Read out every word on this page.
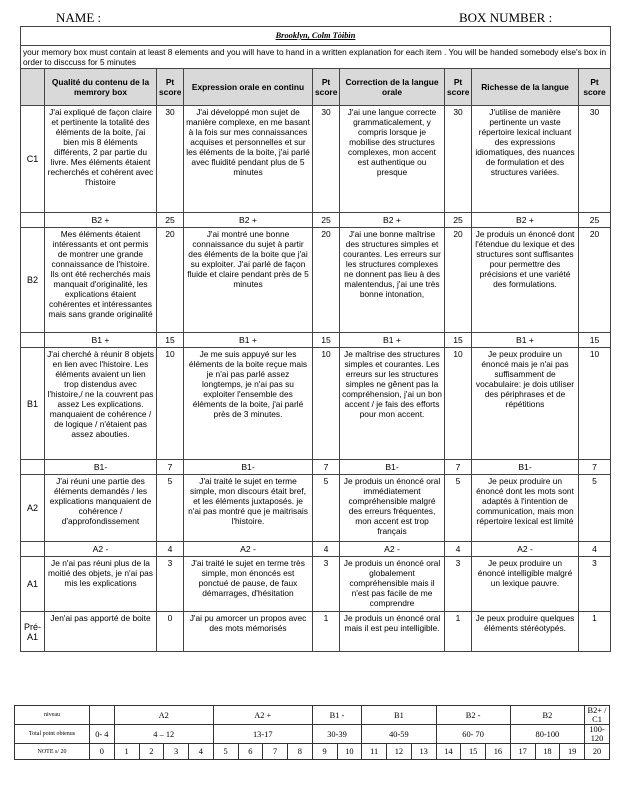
NAME :	BOX NUMBER :
Brooklyn, Colm Tòibìn								
your memory box must contain at least 8 elements and you will have to hand in a written explanation for each item . You will be handed somebody else's box in order to disccuss for 5 minutes								
	Qualité du contenu de la memrory box	Pt score	Expression orale en continu	Pt score	Correction de la langue orale	Pt score	Richesse de la langue	Pt score
C1	J'ai expliqué de façon claire et pertinente la totalité des éléments de la boite, j'ai bien mis 8 éléments différents, 2 par partie du livre. Mes éléments étaient recherchés et cohérent avec l'histoire	30	J'ai développé mon sujet de manière complexe, en me basant à la fois sur mes connaissances acquises et personnelles et sur les éléments de la boite, j'ai parlé avec fluidité pendant plus de 5 minutes	30	J'ai une langue correcte grammaticalement, y compris lorsque je mobilise des structures complexes, mon accent est authentique ou presque	30	J'utilise de manière pertinente un vaste répertoire lexical incluant des expressions idiomatiques, des nuances de formulation et des structures variées.	30
	B2 +	25	B2 +	25	B2 +	25	B2 +	25
B2	Mes éléments étaient intéressants et ont permis de montrer une grande connaissance de l'histoire. Ils ont été recherchés mais manquait d'originalité, les explications étaient cohérentes et intéressantes mais sans grande originalité	20	J'ai montré une bonne connaissance du sujet à partir des éléments de la boite que j'ai su exploiter. J'ai parlé de façon fluide et claire pendant près de 5 minutes	20	J'ai une bonne maîtrise des structures simples et courantes. Les erreurs sur les structures complexes ne donnent pas lieu à des malentendus, j'ai une très bonne intonation,	20	Je produis un énoncé dont l'étendue du lexique et des structures sont suffisantes pour permettre des précisions et une variété des formulations.	20
	B1 +	15	B1 +	15	B1 +	15	B1 +	15
B1	J'ai cherché à réunir 8 objets en lien avec l'histoire. Les éléments avaient un lien trop distendus avec l'histoire,/ ne la couvrent pas assez Les explications. manquaient de cohérence / de logique / n'étaient pas assez abouties.	10	Je me suis appuyé sur les éléments de la boite reçue mais je n'ai pas parlé assez longtemps, je n'ai pas su exploiter l'ensemble des éléments de la boite, j'ai parlé près de 3 minutes.	10	Je maîtrise des structures simples et courantes. Les erreurs sur les structures simples ne gênent pas la compréhension, j'ai un bon accent / je fais des efforts pour mon accent.	10	Je peux produire un énoncé mais je n'ai pas suffisamment de vocabulaire: je dois utiliser des périphrases et de répétitions	10
	B1-	7	B1-	7	B1-	7	B1-	7
A2	J'ai réuni une partie des éléments demandés / les explications manquaient de cohérence / d'approfondissement	5	J'ai traité le sujet en terme simple, mon discours était bref, et les éléments juxtaposés. je n'ai pas montré que je maitrisais l'histoire.	5	Je produis un énoncé oral immédiatement compréhensible malgré des erreurs fréquentes, mon accent est trop français	5	Je peux produire un énoncé dont les mots sont adaptés à l'intention de communication, mais mon répertoire lexical est limité	5
	A2 -	4	A2 -	4	A2 -	4	A2 -	4
A1	Je n'ai pas réuni plus de la moitié des objets, je n'ai pas mis les explications	3	J'ai traité le sujet en terme très simple, mon énoncés est ponctué de pause, de faux démarrages, d'hésitation	3	Je produis un énoncé oral globalement compréhensible mais il n'est pas facile de me comprendre	3	Je peux produire un énoncé intelligible malgré un lexique pauvre.	3
Pré-A1	Jen'ai pas apporté de boite	0	J'ai pu amorcer un propos avec des mots mémorisés	1	Je produis un énoncé oral mais il est peu intelligible.	1	Je peux produire quelques éléments stéréotypés.	1
niveau		A2				A2 +				B1 -		B1			B2 -			B2			B2+ / C1
Total point obtenus	0- 4	4 – 12				13-17				30-39		40-59			60- 70			80-100			100-120
NOTE s/ 20	0	1	2	3	4	5	6	7	8	9	10	11	12	13	14	15	16	17	18	19	20
